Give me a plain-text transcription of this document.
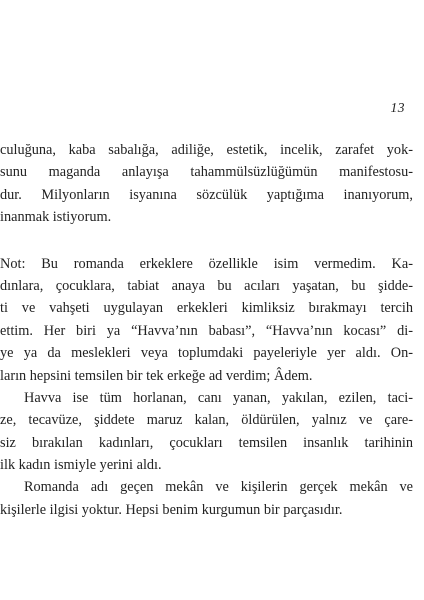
13
culuğuna, kaba sabalığa, adiliğe, estetik, incelik, zarafet yok-
sunu maganda anlayışa tahammülsüzlüğümün manifestosu-
dur. Milyonların isyanına sözcülük yaptığıma inanıyorum,
inanmak istiyorum.
Not: Bu romanda erkeklere özellikle isim vermedim. Ka-
dınlara, çocuklara, tabiat anaya bu acıları yaşatan, bu şidde-
ti ve vahşeti uygulayan erkekleri kimliksiz bırakmayı tercih
ettim. Her biri ya “Havva’nın babası”, “Havva’nın kocası” di-
ye ya da meslekleri veya toplumdaki payeleriyle yer aldı. On-
ların hepsini temsilen bir tek erkeğe ad verdim; Âdem.
Havva ise tüm horlanan, canı yanan, yakılan, ezilen, taci-
ze, tecavüze, şiddete maruz kalan, öldürülen, yalnız ve çare-
siz bırakılan kadınları, çocukları temsilen insanlık tarihinin
ilk kadın ismiyle yerini aldı.
Romanda adı geçen mekân ve kişilerin gerçek mekân ve
kişilerle ilgisi yoktur. Hepsi benim kurgumun bir parçasıdır.
